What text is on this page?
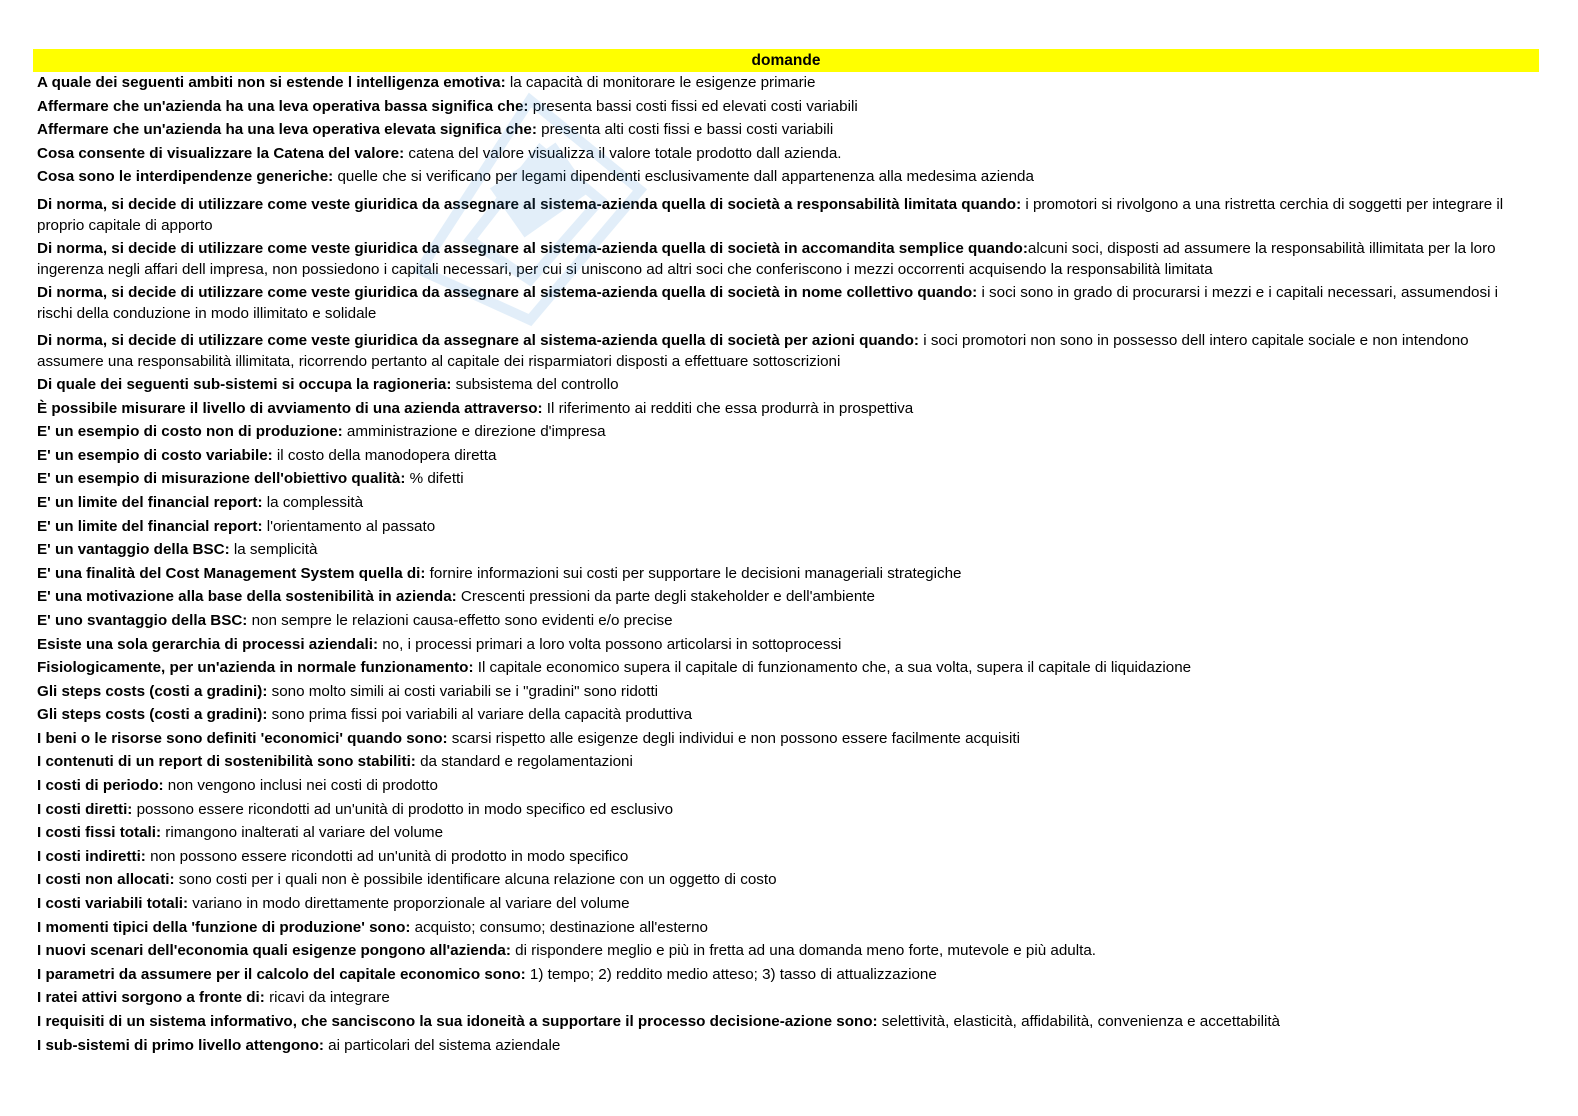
domande
A quale dei seguenti ambiti non si estende l intelligenza emotiva: la capacità di monitorare le esigenze primarie
Affermare che un'azienda ha una leva operativa bassa significa che: presenta bassi costi fissi ed elevati costi variabili
Affermare che un'azienda ha una leva operativa elevata significa che: presenta alti costi fissi e bassi costi variabili
Cosa consente di visualizzare la Catena del valore: catena del valore visualizza il valore totale prodotto dall azienda.
Cosa sono le interdipendenze generiche: quelle che si verificano per legami dipendenti esclusivamente dall appartenenza alla medesima azienda
Di norma, si decide di utilizzare come veste giuridica da assegnare al sistema-azienda quella di società a responsabilità limitata quando: i promotori si rivolgono a una ristretta cerchia di soggetti per integrare il proprio capitale di apporto
Di norma, si decide di utilizzare come veste giuridica da assegnare al sistema-azienda quella di società in accomandita semplice quando:alcuni soci, disposti ad assumere la responsabilità illimitata per la loro ingerenza negli affari dell impresa, non possiedono i capitali necessari, per cui si uniscono ad altri soci che conferiscono i mezzi occorrenti acquisendo la responsabilità limitata
Di norma, si decide di utilizzare come veste giuridica da assegnare al sistema-azienda quella di società in nome collettivo quando: i soci sono in grado di procurarsi i mezzi e i capitali necessari, assumendosi i rischi della conduzione in modo illimitato e solidale
Di norma, si decide di utilizzare come veste giuridica da assegnare al sistema-azienda quella di società per azioni quando: i soci promotori non sono in possesso dell intero capitale sociale e non intendono assumere una responsabilità illimitata, ricorrendo pertanto al capitale dei risparmiatori disposti a effettuare sottoscrizioni
Di quale dei seguenti sub-sistemi si occupa la ragioneria: subsistema del controllo
È possibile misurare il livello di avviamento di una azienda attraverso: Il riferimento ai redditi che essa produrrà in prospettiva
E' un esempio di costo non di produzione: amministrazione e direzione d'impresa
E' un esempio di costo variabile: il costo della manodopera diretta
E' un esempio di misurazione dell'obiettivo qualità: % difetti
E' un limite del financial report: la complessità
E' un limite del financial report: l'orientamento al passato
E' un vantaggio della BSC: la semplicità
E' una finalità del Cost Management System quella di: fornire informazioni sui costi per supportare le decisioni manageriali strategiche
E' una motivazione alla base della sostenibilità in azienda: Crescenti pressioni da parte degli stakeholder e dell'ambiente
E' uno svantaggio della BSC: non sempre le relazioni causa-effetto sono evidenti e/o precise
Esiste una sola gerarchia di processi aziendali: no, i processi primari a loro volta possono articolarsi in sottoprocessi
Fisiologicamente, per un'azienda in normale funzionamento: Il capitale economico supera il capitale di funzionamento che, a sua volta, supera il capitale di liquidazione
Gli steps costs (costi a gradini): sono molto simili ai costi variabili se i "gradini" sono ridotti
Gli steps costs (costi a gradini): sono prima fissi poi variabili al variare della capacità produttiva
I beni o le risorse sono definiti 'economici' quando sono: scarsi rispetto alle esigenze degli individui e non possono essere facilmente acquisiti
I contenuti di un report di sostenibilità sono stabiliti: da standard e regolamentazioni
I costi di periodo: non vengono inclusi nei costi di prodotto
I costi diretti: possono essere ricondotti ad un'unità di prodotto in modo specifico ed esclusivo
I costi fissi totali: rimangono inalterati al variare del volume
I costi indiretti: non possono essere ricondotti ad un'unità di prodotto in modo specifico
I costi non allocati: sono costi per i quali non è possibile identificare alcuna relazione con un oggetto di costo
I costi variabili totali: variano in modo direttamente proporzionale al variare del volume
I momenti tipici della 'funzione di produzione' sono: acquisto; consumo; destinazione all'esterno
I nuovi scenari dell'economia quali esigenze pongono all'azienda: di rispondere meglio e più in fretta ad una domanda meno forte, mutevole e più adulta.
I parametri da assumere per il calcolo del capitale economico sono: 1) tempo; 2) reddito medio atteso; 3) tasso di attualizzazione
I ratei attivi sorgono a fronte di: ricavi da integrare
I requisiti di un sistema informativo, che sanciscono la sua idoneità a supportare il processo decisione-azione sono: selettività, elasticità, affidabilità, convenienza e accettabilità
I sub-sistemi di primo livello attengono: ai particolari del sistema aziendale
